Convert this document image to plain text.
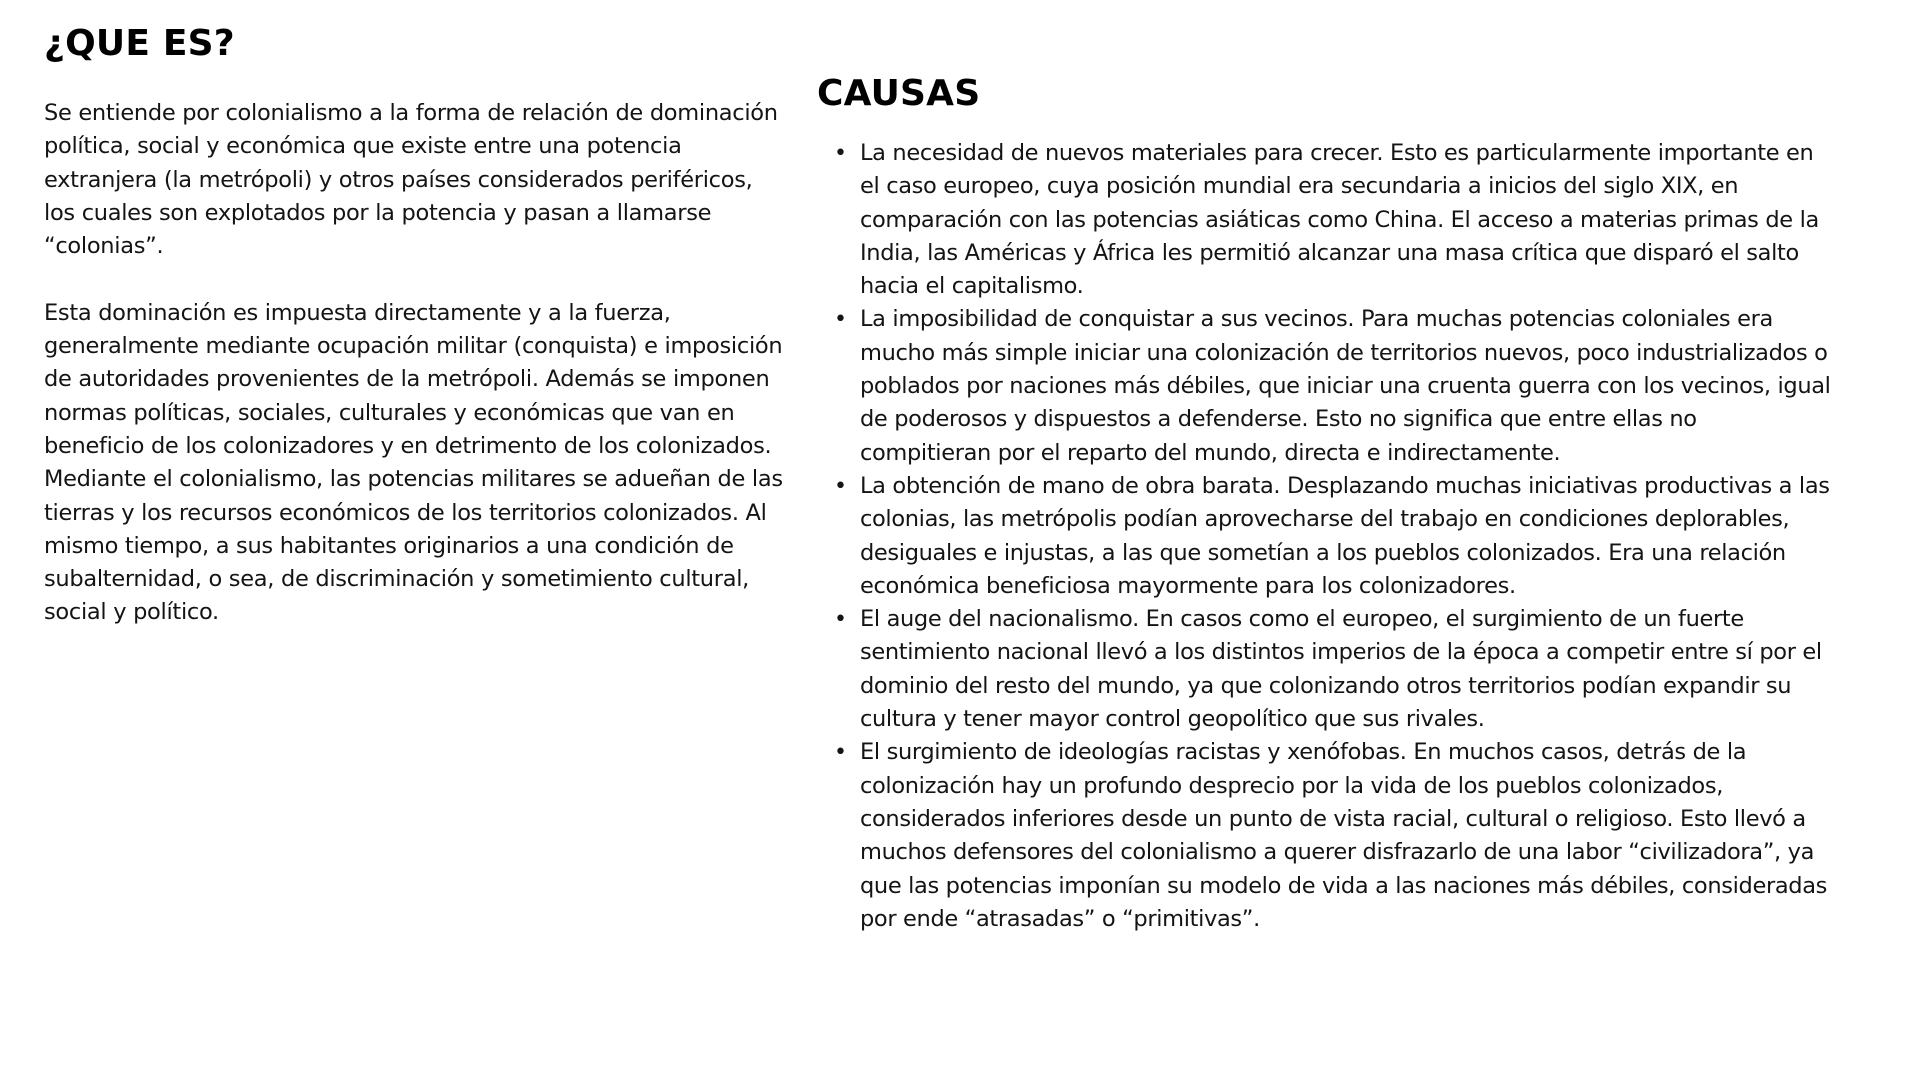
¿QUE ES?

Se entiende por colonialismo a la forma de relación de dominación política, social y económica que existe entre una potencia extranjera (la metrópoli) y otros países considerados periféricos, los cuales son explotados por la potencia y pasan a llamarse “colonias”.

Esta dominación es impuesta directamente y a la fuerza, generalmente mediante ocupación militar (conquista) e imposición de autoridades provenientes de la metrópoli. Además se imponen normas políticas, sociales, culturales y económicas que van en beneficio de los colonizadores y en detrimento de los colonizados.

Mediante el colonialismo, las potencias militares se adueñan de las tierras y los recursos económicos de los territorios colonizados. Al mismo tiempo, a sus habitantes originarios a una condición de subalternidad, o sea, de discriminación y sometimiento cultural, social y político.

CAUSAS
• La necesidad de nuevos materiales para crecer. Esto es particularmente importante en el caso europeo, cuya posición mundial era secundaria a inicios del siglo XIX, en comparación con las potencias asiáticas como China. El acceso a materias primas de la India, las Américas y África les permitió alcanzar una masa crítica que disparó el salto hacia el capitalismo.
• La imposibilidad de conquistar a sus vecinos. Para muchas potencias coloniales era mucho más simple iniciar una colonización de territorios nuevos, poco industrializados o poblados por naciones más débiles, que iniciar una cruenta guerra con los vecinos, igual de poderosos y dispuestos a defenderse. Esto no significa que entre ellas no compitieran por el reparto del mundo, directa e indirectamente.
• La obtención de mano de obra barata. Desplazando muchas iniciativas productivas a las colonias, las metrópolis podían aprovecharse del trabajo en condiciones deplorables, desiguales e injustas, a las que sometían a los pueblos colonizados. Era una relación económica beneficiosa mayormente para los colonizadores.
• El auge del nacionalismo. En casos como el europeo, el surgimiento de un fuerte sentimiento nacional llevó a los distintos imperios de la época a competir entre sí por el dominio del resto del mundo, ya que colonizando otros territorios podían expandir su cultura y tener mayor control geopolítico que sus rivales.
• El surgimiento de ideologías racistas y xenófobas. En muchos casos, detrás de la colonización hay un profundo desprecio por la vida de los pueblos colonizados, considerados inferiores desde un punto de vista racial, cultural o religioso. Esto llevó a muchos defensores del colonialismo a querer disfrazarlo de una labor “civilizadora”, ya que las potencias imponían su modelo de vida a las naciones más débiles, consideradas por ende “atrasadas” o “primitivas”.
